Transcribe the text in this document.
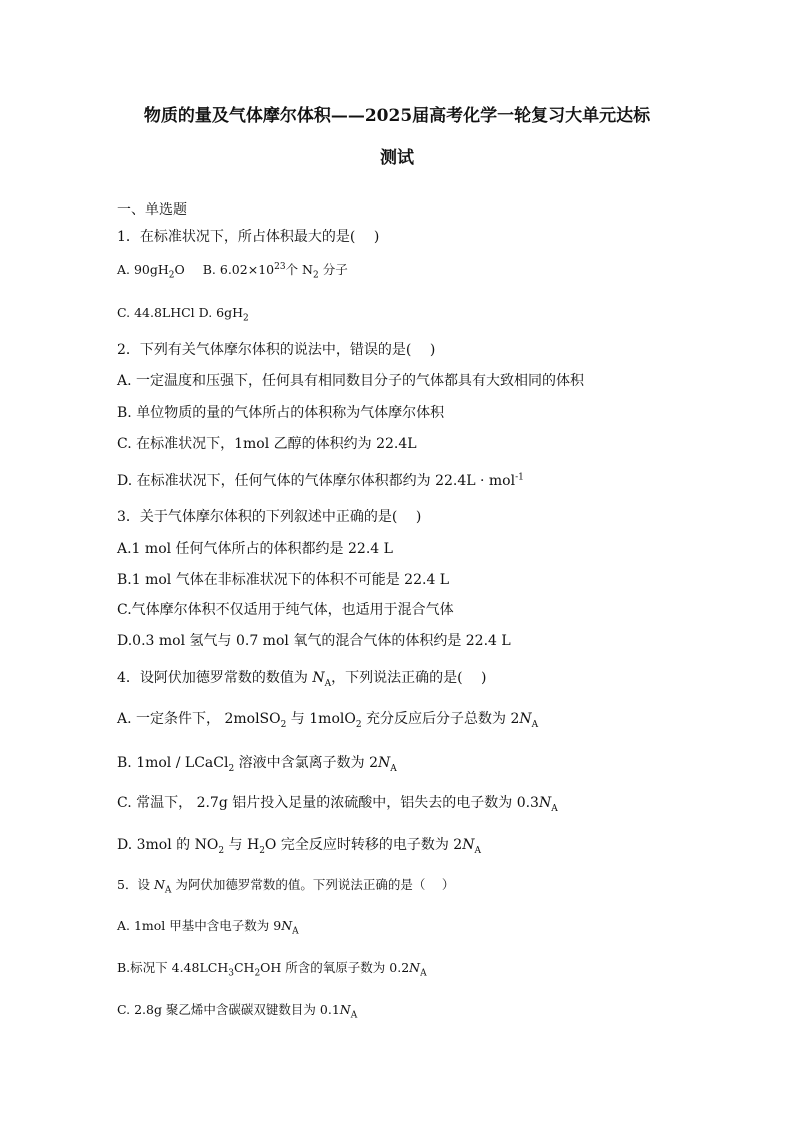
物质的量及气体摩尔体积——2025届高考化学一轮复习大单元达标
测试
一、单选题
1．在标准状况下，所占体积最大的是(　 )
A. $90gH_2O$ B. $6.02\times 10^{23}$个 $N_2$ 分子
C. 44.8LHCl D. $6gH_2$
2．下列有关气体摩尔体积的说法中，错误的是(　 )
A. 一定温度和压强下，任何具有相同数目分子的气体都具有大致相同的体积
B. 单位物质的量的气体所占的体积称为气体摩尔体积
C. 在标准状况下，1mol 乙醇的体积约为 22.4L
D. 在标准状况下，任何气体的气体摩尔体积都约为 22.4L · mol$^{-1}$
3．关于气体摩尔体积的下列叙述中正确的是(　 )
A.1 mol 任何气体所占的体积都约是 22.4 L
B.1 mol 气体在非标准状况下的体积不可能是 22.4 L
C.气体摩尔体积不仅适用于纯气体，也适用于混合气体
D.0.3 mol 氢气与 0.7 mol 氧气的混合气体的体积约是 22.4 L
4．设阿伏加德罗常数的数值为 $N_A$，下列说法正确的是(　 )
A. 一定条件下， 2molSO$_2$ 与 1molO$_2$ 充分反应后分子总数为 $2N_A$
B. 1mol / LCaCl$_2$ 溶液中含氯离子数为 $2N_A$
C. 常温下， 2.7g 铝片投入足量的浓硫酸中，铝失去的电子数为 $0.3N_A$
D. 3mol 的 $NO_2$ 与 $H_2O$ 完全反应时转移的电子数为 $2N_A$
5．设 $N_A$ 为阿伏加德罗常数的值。下列说法正确的是（　 ）
A. 1mol 甲基中含电子数为 $9N_A$
B.标况下 $4.48LCH_3CH_2OH$ 所含的氧原子数为 $0.2N_A$
C. 2.8g 聚乙烯中含碳碳双键数目为 $0.1N_A$
